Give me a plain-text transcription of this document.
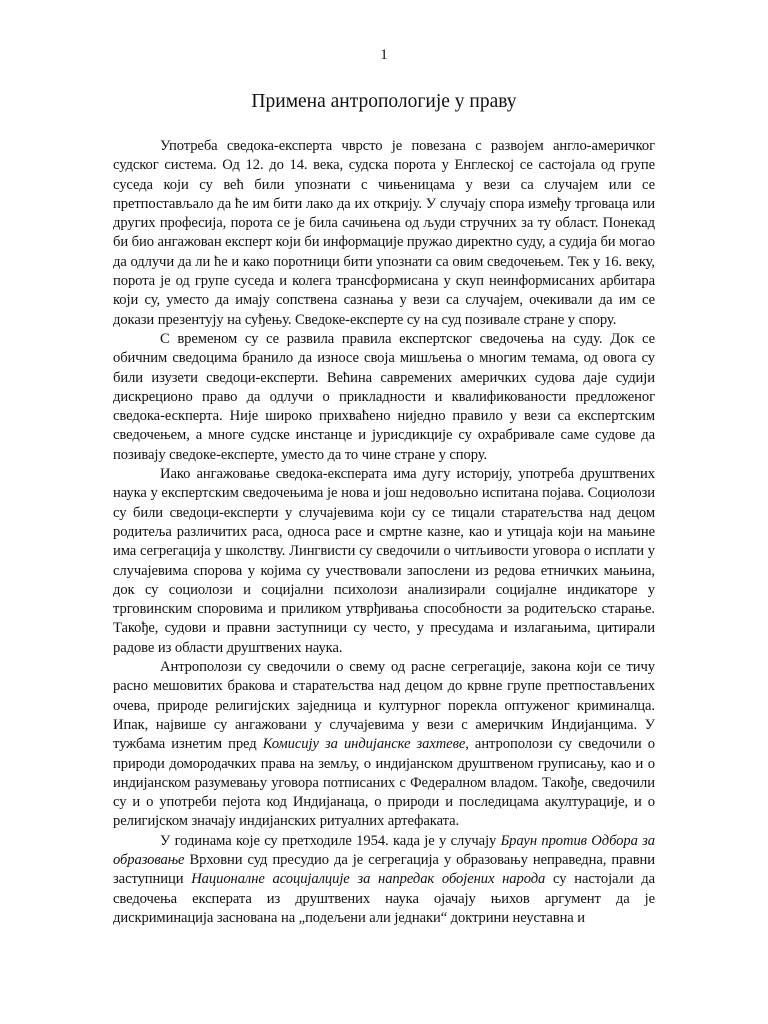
1

Примена антропологије у праву

Употреба сведока-експерта чврсто је повезана с развојем англо-америчког судског система. Од 12. до 14. века, судска порота у Енглеској се састојала од групе суседа који су већ били упознати с чињеницама у вези са случајем или се претпостављало да ће им бити лако да их открију. У случају спора између трговаца или других професија, порота се је била сачињена од људи стручних за ту област. Понекад би био ангажован експерт који би информације пружао директно суду, а судија би могао да одлучи да ли ће и како поротници бити упознати са овим сведочењем. Тек у 16. веку, порота је од групе суседа и колега трансформисана у скуп неинформисаних арбитара који су, уместо да имају сопствена сазнања у вези са случајем, очекивали да им се докази презентују на суђењу. Сведоке-експерте су на суд позивале стране у спору.

С временом су се развила правила експертског сведочења на суду. Док се обичним сведоцима бранило да износе своја мишљења о многим темама, од овога су били изузети сведоци-експерти. Већина савремених америчких судова даје судији дискреционо право да одлучи о прикладности и квалификованости предложеног сведока-ескперта. Није широко прихваћено ниједно правило у вези са експертским сведочењем, а многе судске инстанце и јурисдикције су охрабривале саме судове да позивају сведоке-експерте, уместо да то чине стране у спору.

Иако ангажовање сведока-експерата има дугу историју, употреба друштвених наука у експертским сведочењима је нова и још недовољно испитана појава. Социолози су били сведоци-експерти у случајевима који су се тицали старатељства над децом родитеља различитих раса, односа расе и смртне казне, као и утицаја који на мањине има сегрегација у школству. Лингвисти су сведочили о читљивости уговора о исплати у случајевима спорова у којима су учествовали запослени из редова етничких мањина, док су социолози и социјални психолози анализирали социјалне индикаторе у трговинским споровима и приликом утврђивања способности за родитељско старање. Такође, судови и правни заступници су често, у пресудама и излагањима, цитирали радове из области друштвених наука.

Антрополози су сведочили о свему од расне сегрегације, закона који се тичу расно мешовитих бракова и старатељства над децом до крвне групе претпостављених очева, природе религијских заједница и културног порекла оптуженог криминалца. Ипак, највише су ангажовани у случајевима у вези с америчким Индијанцима. У тужбама изнетим пред Комисију за индијанске захтеве, антрополози су сведочили о природи домородачких права на земљу, о индијанском друштвеном груписању, као и о индијанском разумевању уговора потписаних с Федералном владом. Такође, сведочили су и о употреби пејота код Индијанаца, о природи и последицама акултурације, и о религијском значају индијанских ритуалних артефаката.

У годинама које су претходиле 1954. када је у случају Браун против Одбора за образовање Врховни суд пресудио да је сегрегација у образовању неправедна, правни заступници Националне асоцијалције за напредак обојених народа су настојали да сведочења експерата из друштвених наука ојачају њихов аргумент да је дискриминација заснована на „подељени али једнаки“ доктрини неуставна и
